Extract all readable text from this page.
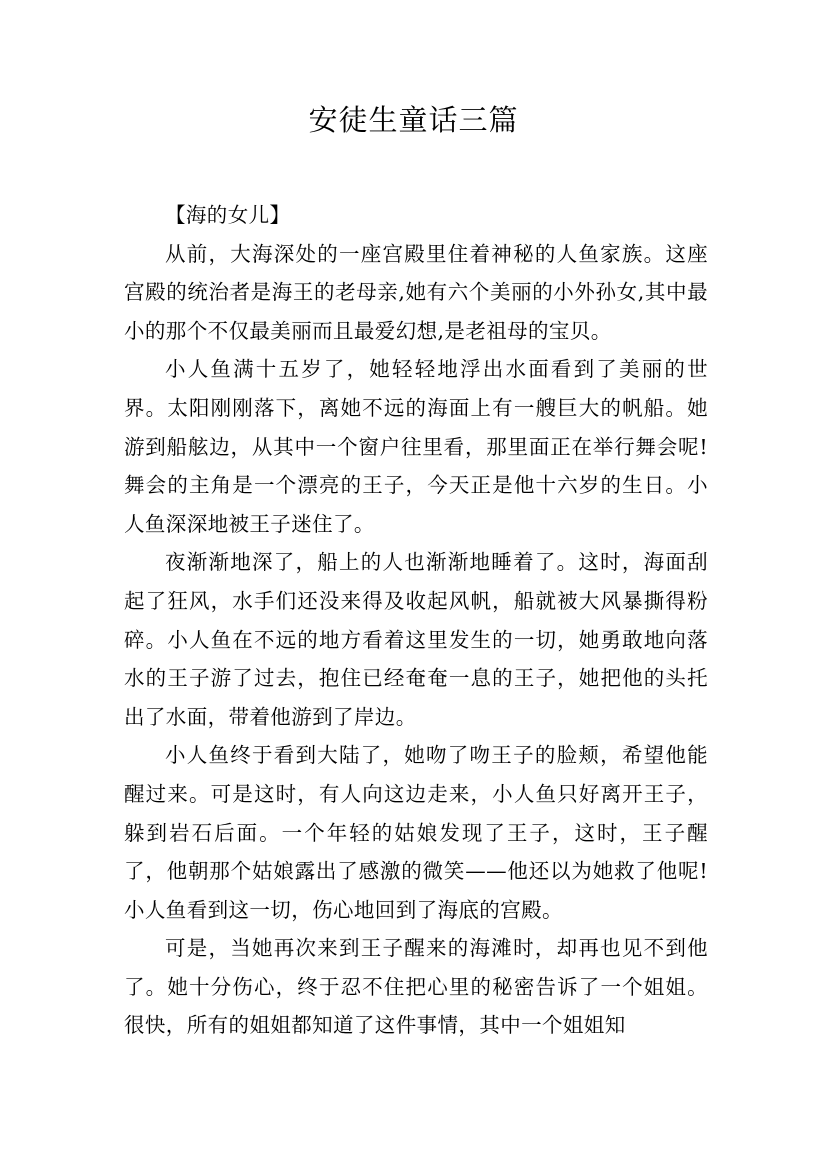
安徒生童话三篇

【海的女儿】

从前，大海深处的一座宫殿里住着神秘的人鱼家族。这座宫殿的统治者是海王的老母亲,她有六个美丽的小外孙女,其中最小的那个不仅最美丽而且最爱幻想,是老祖母的宝贝。

小人鱼满十五岁了，她轻轻地浮出水面看到了美丽的世界。太阳刚刚落下，离她不远的海面上有一艘巨大的帆船。她游到船舷边，从其中一个窗户往里看，那里面正在举行舞会呢!舞会的主角是一个漂亮的王子，今天正是他十六岁的生日。小人鱼深深地被王子迷住了。

夜渐渐地深了，船上的人也渐渐地睡着了。这时，海面刮起了狂风，水手们还没来得及收起风帆，船就被大风暴撕得粉碎。小人鱼在不远的地方看着这里发生的一切，她勇敢地向落水的王子游了过去，抱住已经奄奄一息的王子，她把他的头托出了水面，带着他游到了岸边。

小人鱼终于看到大陆了，她吻了吻王子的脸颊，希望他能醒过来。可是这时，有人向这边走来，小人鱼只好离开王子，躲到岩石后面。一个年轻的姑娘发现了王子，这时，王子醒了，他朝那个姑娘露出了感激的微笑——他还以为她救了他呢!小人鱼看到这一切，伤心地回到了海底的宫殿。

可是，当她再次来到王子醒来的海滩时，却再也见不到他了。她十分伤心，终于忍不住把心里的秘密告诉了一个姐姐。很快，所有的姐姐都知道了这件事情，其中一个姐姐知
